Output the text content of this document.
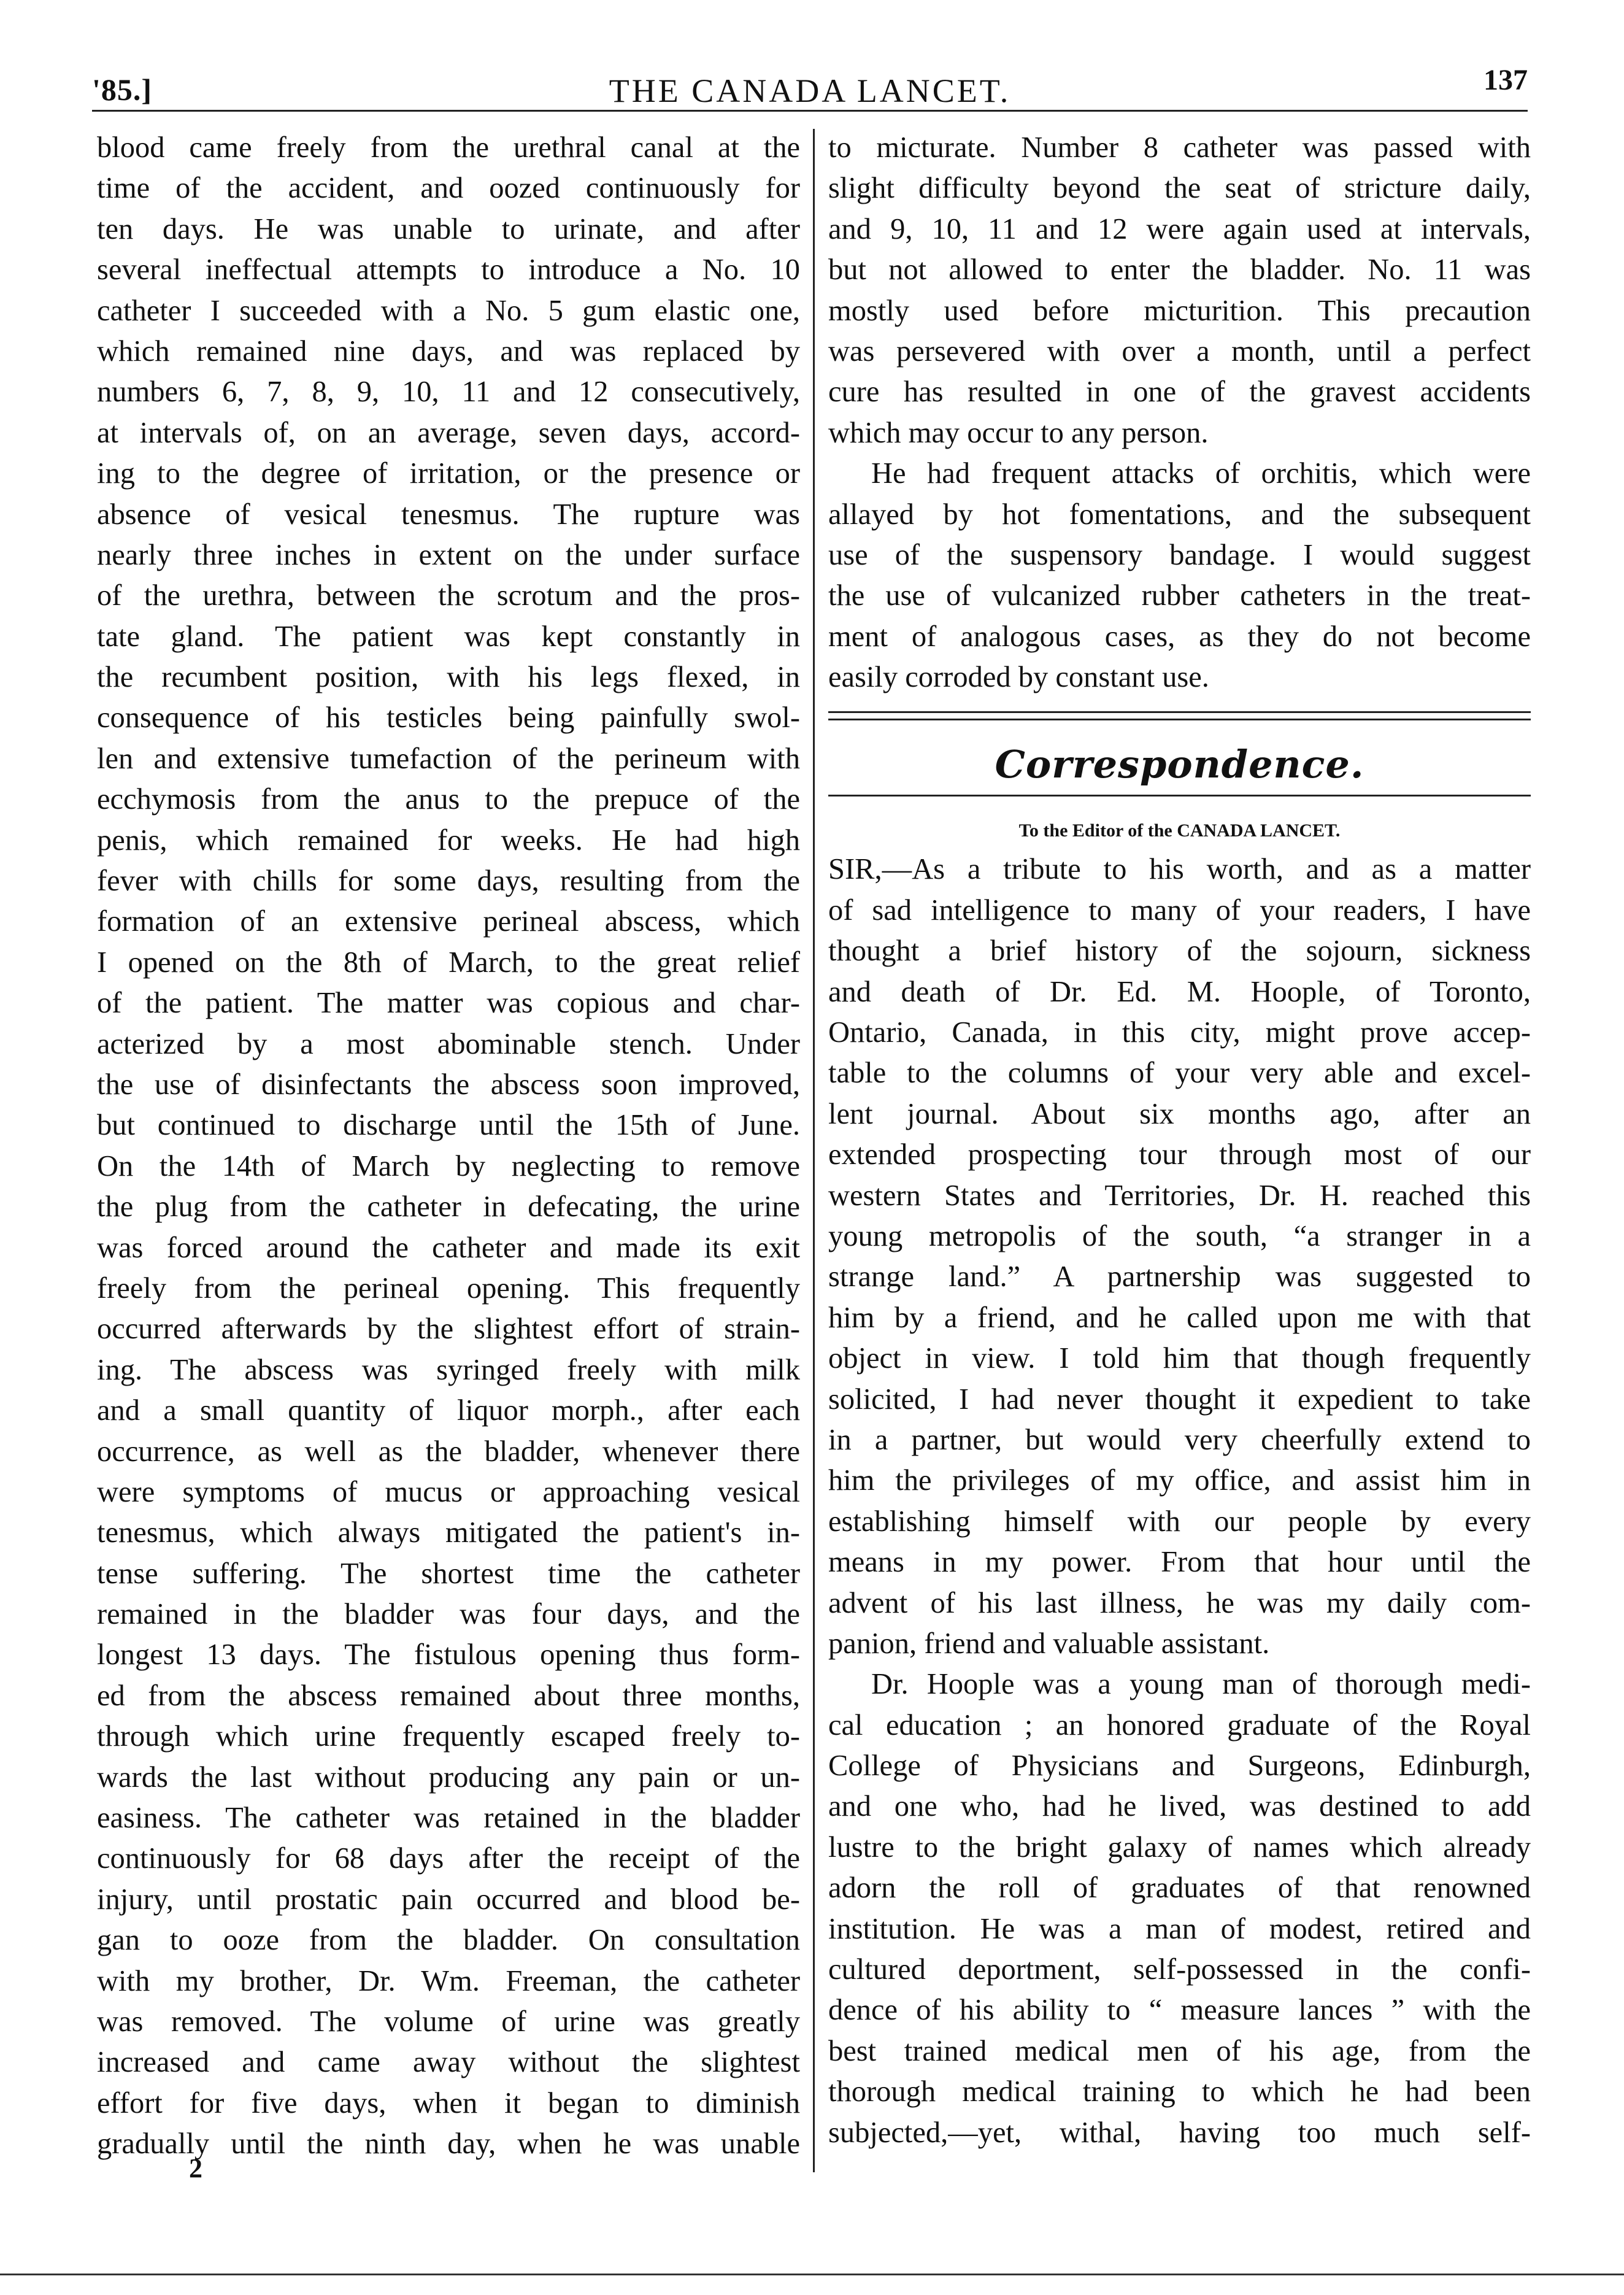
'85.]	THE CANADA LANCET.	137
blood came freely from the urethral canal at the
time of the accident, and oozed continuously for
ten days. He was unable to urinate, and after
several ineffectual attempts to introduce a No. 10
catheter I succeeded with a No. 5 gum elastic one,
which remained nine days, and was replaced by
numbers 6, 7, 8, 9, 10, 11 and 12 consecutively,
at intervals of, on an average, seven days, accord-
ing to the degree of irritation, or the presence or
absence of vesical tenesmus. The rupture was
nearly three inches in extent on the under surface
of the urethra, between the scrotum and the pros-
tate gland. The patient was kept constantly in
the recumbent position, with his legs flexed, in
consequence of his testicles being painfully swol-
len and extensive tumefaction of the perineum with
ecchymosis from the anus to the prepuce of the
penis, which remained for weeks. He had high
fever with chills for some days, resulting from the
formation of an extensive perineal abscess, which
I opened on the 8th of March, to the great relief
of the patient. The matter was copious and char-
acterized by a most abominable stench. Under
the use of disinfectants the abscess soon improved,
but continued to discharge until the 15th of June.
On the 14th of March by neglecting to remove
the plug from the catheter in defecating, the urine
was forced around the catheter and made its exit
freely from the perineal opening. This frequently
occurred afterwards by the slightest effort of strain-
ing. The abscess was syringed freely with milk
and a small quantity of liquor morph., after each
occurrence, as well as the bladder, whenever there
were symptoms of mucus or approaching vesical
tenesmus, which always mitigated the patient's in-
tense suffering. The shortest time the catheter
remained in the bladder was four days, and the
longest 13 days. The fistulous opening thus form-
ed from the abscess remained about three months,
through which urine frequently escaped freely to-
wards the last without producing any pain or un-
easiness. The catheter was retained in the bladder
continuously for 68 days after the receipt of the
injury, until prostatic pain occurred and blood be-
gan to ooze from the bladder. On consultation
with my brother, Dr. Wm. Freeman, the catheter
was removed. The volume of urine was greatly
increased and came away without the slightest
effort for five days, when it began to diminish
gradually until the ninth day, when he was unable
to micturate. Number 8 catheter was passed with
slight difficulty beyond the seat of stricture daily,
and 9, 10, 11 and 12 were again used at intervals,
but not allowed to enter the bladder. No. 11 was
mostly used before micturition. This precaution
was persevered with over a month, until a perfect
cure has resulted in one of the gravest accidents
which may occur to any person.
He had frequent attacks of orchitis, which were
allayed by hot fomentations, and the subsequent
use of the suspensory bandage. I would suggest
the use of vulcanized rubber catheters in the treat-
ment of analogous cases, as they do not become
easily corroded by constant use.
Correspondence.
To the Editor of the CANADA LANCET.
SIR,—As a tribute to his worth, and as a matter
of sad intelligence to many of your readers, I have
thought a brief history of the sojourn, sickness
and death of Dr. Ed. M. Hoople, of Toronto,
Ontario, Canada, in this city, might prove accep-
table to the columns of your very able and excel-
lent journal. About six months ago, after an
extended prospecting tour through most of our
western States and Territories, Dr. H. reached this
young metropolis of the south, “a stranger in a
strange land.” A partnership was suggested to
him by a friend, and he called upon me with that
object in view. I told him that though frequently
solicited, I had never thought it expedient to take
in a partner, but would very cheerfully extend to
him the privileges of my office, and assist him in
establishing himself with our people by every
means in my power. From that hour until the
advent of his last illness, he was my daily com-
panion, friend and valuable assistant.
Dr. Hoople was a young man of thorough medi-
cal education ; an honored graduate of the Royal
College of Physicians and Surgeons, Edinburgh,
and one who, had he lived, was destined to add
lustre to the bright galaxy of names which already
adorn the roll of graduates of that renowned
institution. He was a man of modest, retired and
cultured deportment, self-possessed in the confi-
dence of his ability to “ measure lances ” with the
best trained medical men of his age, from the
thorough medical training to which he had been
subjected,—yet, withal, having too much self-
2
